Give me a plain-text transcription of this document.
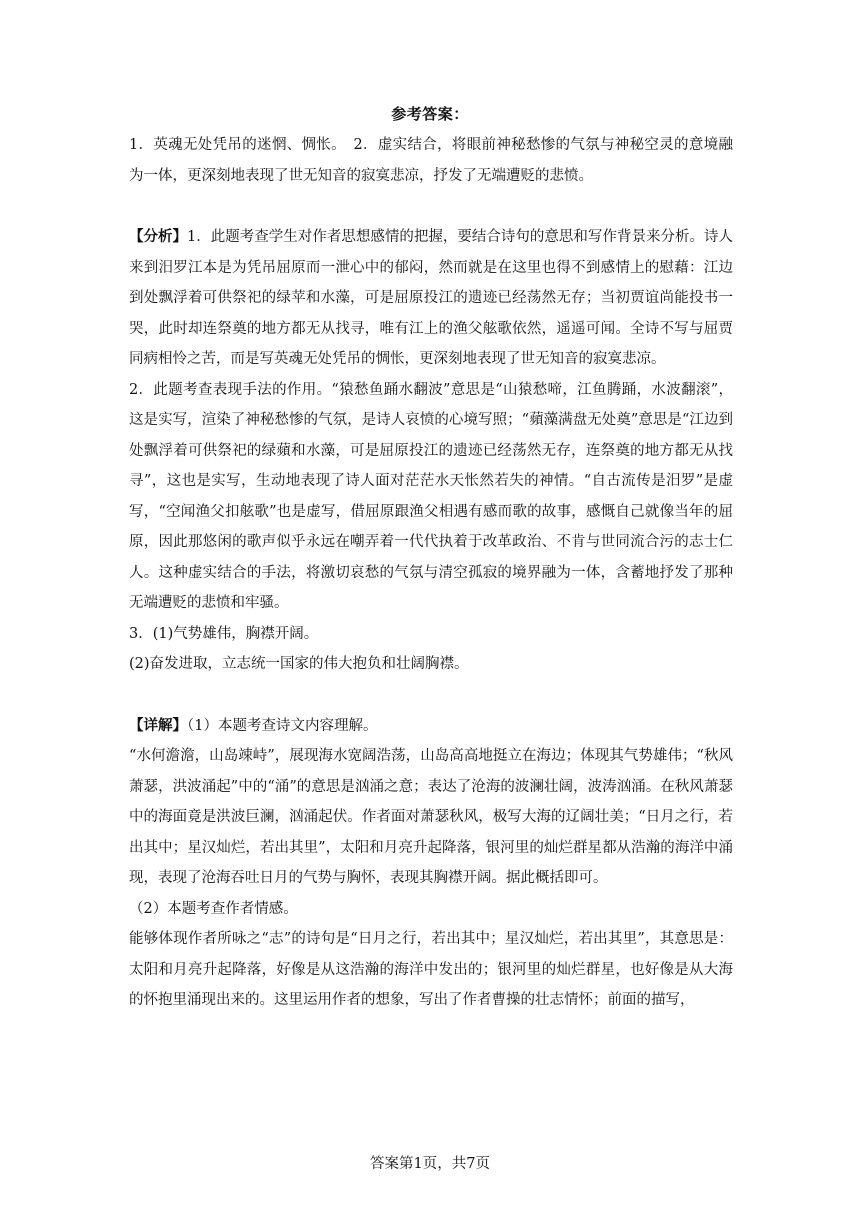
参考答案：

1．英魂无处凭吊的迷惘、惆怅。　2．虚实结合，将眼前神秘愁惨的气氛与神秘空灵的意境融为一体，更深刻地表现了世无知音的寂寞悲凉，抒发了无端遭贬的悲愤。

【分析】1．此题考查学生对作者思想感情的把握，要结合诗句的意思和写作背景来分析。诗人来到汨罗江本是为凭吊屈原而一泄心中的郁闷，然而就是在这里也得不到感情上的慰藉：江边到处飘浮着可供祭祀的绿苹和水藻，可是屈原投江的遗迹已经荡然无存；当初贾谊尚能投书一哭，此时却连祭奠的地方都无从找寻，唯有江上的渔父舷歌依然，遥遥可闻。全诗不写与屈贾同病相怜之苦，而是写英魂无处凭吊的惆怅，更深刻地表现了世无知音的寂寞悲凉。

2．此题考查表现手法的作用。“猿愁鱼踊水翻波”意思是“山猿愁啼，江鱼腾踊，水波翻滚”，这是实写，渲染了神秘愁惨的气氛，是诗人哀愤的心境写照；“蘋藻满盘无处奠”意思是“江边到处飘浮着可供祭祀的绿蘋和水藻，可是屈原投江的遗迹已经荡然无存，连祭奠的地方都无从找寻”，这也是实写，生动地表现了诗人面对茫茫水天怅然若失的神情。“自古流传是汨罗”是虚写，“空闻渔父扣舷歌”也是虚写，借屈原跟渔父相遇有感而歌的故事，感慨自己就像当年的屈原，因此那悠闲的歌声似乎永远在嘲弄着一代代执着于改革政治、不肯与世同流合污的志士仁人。这种虚实结合的手法，将激切哀愁的气氛与清空孤寂的境界融为一体，含蓄地抒发了那种无端遭贬的悲愤和牢骚。

3．(1)气势雄伟，胸襟开阔。

(2)奋发进取，立志统一国家的伟大抱负和壮阔胸襟。

【详解】（1）本题考查诗文内容理解。

“水何澹澹，山岛竦峙”，展现海水宽阔浩荡，山岛高高地挺立在海边；体现其气势雄伟；“秋风萧瑟，洪波涌起”中的“涌”的意思是汹涌之意；表达了沧海的波澜壮阔，波涛汹涌。在秋风萧瑟中的海面竟是洪波巨澜，汹涌起伏。作者面对萧瑟秋风，极写大海的辽阔壮美；“日月之行，若出其中；星汉灿烂，若出其里”，太阳和月亮升起降落，银河里的灿烂群星都从浩瀚的海洋中涌现，表现了沧海吞吐日月的气势与胸怀，表现其胸襟开阔。据此概括即可。

（2）本题考查作者情感。

能够体现作者所咏之“志”的诗句是“日月之行，若出其中；星汉灿烂，若出其里”，其意思是：太阳和月亮升起降落，好像是从这浩瀚的海洋中发出的；银河里的灿烂群星，也好像是从大海的怀抱里涌现出来的。这里运用作者的想象，写出了作者曹操的壮志情怀；前面的描写，

答案第1页，共7页
